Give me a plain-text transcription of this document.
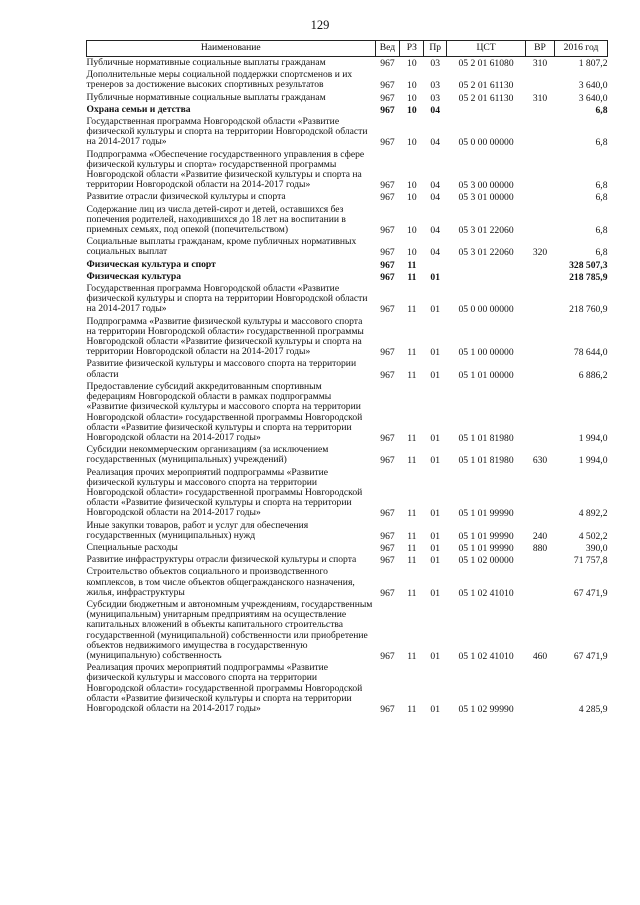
129
Наименование	Вед	РЗ	Пр	ЦСТ	ВР	2016 год
Публичные нормативные социальные выплаты гражданам	967	10	03	05 2 01 61080	310	1 807,2
Дополнительные меры социальной поддержки спортсменов и их тренеров за достижение высоких спортивных результатов	967	10	03	05 2 01 61130		3 640,0
Публичные нормативные социальные выплаты гражданам	967	10	03	05 2 01 61130	310	3 640,0
Охрана семьи и детства	967	10	04			6,8
Государственная программа Новгородской области «Развитие физической культуры и спорта на территории Новгородской области на 2014-2017 годы»	967	10	04	05 0 00 00000		6,8
Подпрограмма «Обеспечение государственного управления в сфере физической культуры и спорта» государственной программы Новгородской области «Развитие физической культуры и спорта на территории Новгородской области на 2014-2017 годы»	967	10	04	05 3 00 00000		6,8
Развитие отрасли физической культуры и спорта	967	10	04	05 3 01 00000		6,8
Содержание лиц из числа детей-сирот и детей, оставшихся без попечения родителей, находившихся до 18 лет на воспитании в приемных семьях, под опекой (попечительством)	967	10	04	05 3 01 22060		6,8
Социальные выплаты гражданам, кроме публичных нормативных социальных выплат	967	10	04	05 3 01 22060	320	6,8
Физическая культура и спорт	967	11				328 507,3
Физическая культура	967	11	01			218 785,9
Государственная программа Новгородской области «Развитие физической культуры и спорта на территории Новгородской области на 2014-2017 годы»	967	11	01	05 0 00 00000		218 760,9
Подпрограмма «Развитие физической культуры и массового спорта на территории Новгородской области» государственной программы Новгородской области «Развитие физической культуры и спорта на территории Новгородской области на 2014-2017 годы»	967	11	01	05 1 00 00000		78 644,0
Развитие физической культуры и массового спорта на территории области	967	11	01	05 1 01 00000		6 886,2
Предоставление субсидий аккредитованным спортивным федерациям Новгородской области в рамках подпрограммы «Развитие физической культуры и массового спорта на территории Новгородской области» государственной программы Новгородской области «Развитие физической культуры и спорта на территории Новгородской области на 2014-2017 годы»	967	11	01	05 1 01 81980		1 994,0
Субсидии некоммерческим организациям (за исключением государственных (муниципальных) учреждений)	967	11	01	05 1 01 81980	630	1 994,0
Реализация прочих мероприятий подпрограммы «Развитие физической культуры и массового спорта на территории Новгородской области» государственной программы Новгородской области «Развитие физической культуры и спорта на территории Новгородской области на 2014-2017 годы»	967	11	01	05 1 01 99990		4 892,2
Иные закупки товаров, работ и услуг для обеспечения государственных (муниципальных) нужд	967	11	01	05 1 01 99990	240	4 502,2
Специальные расходы	967	11	01	05 1 01 99990	880	390,0
Развитие инфраструктуры отрасли физической культуры и спорта	967	11	01	05 1 02 00000		71 757,8
Строительство объектов социального и производственного комплексов, в том числе объектов общегражданского назначения, жилья, инфраструктуры	967	11	01	05 1 02 41010		67 471,9
Субсидии бюджетным и автономным учреждениям, государственным (муниципальным) унитарным предприятиям на осуществление капитальных вложений в объекты капитального строительства государственной (муниципальной) собственности или приобретение объектов недвижимого имущества в государственную (муниципальную) собственность	967	11	01	05 1 02 41010	460	67 471,9
Реализация прочих мероприятий подпрограммы «Развитие физической культуры и массового спорта на территории Новгородской области» государственной программы Новгородской области «Развитие физической культуры и спорта на территории Новгородской области на 2014-2017 годы»	967	11	01	05 1 02 99990		4 285,9
